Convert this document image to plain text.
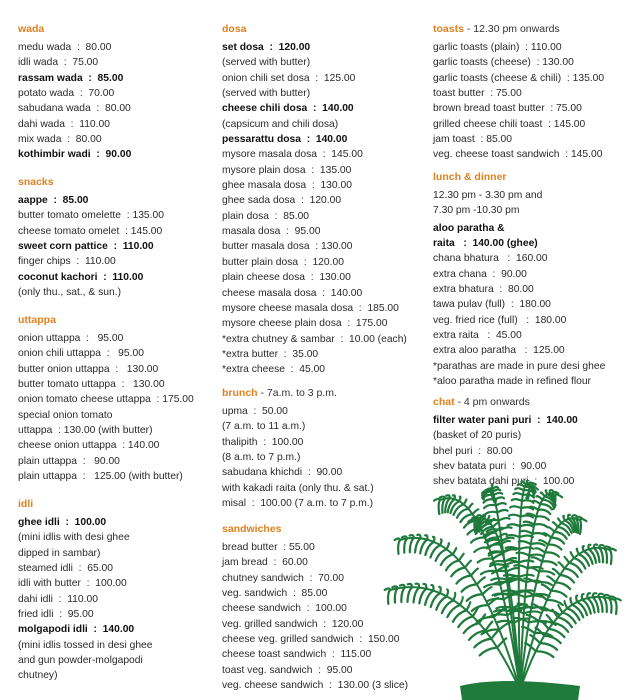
wada
medu wada  :  80.00
idli wada  :  75.00
rassam wada  :  85.00
potato wada  :  70.00
sabudana wada  :  80.00
dahi wada  :  110.00
mix wada  :  80.00
kothimbir wadi  :  90.00
snacks
aappe  :  85.00
butter tomato omelette  : 135.00
cheese tomato omelet  : 145.00
sweet corn pattice  :  110.00
finger chips  :  110.00
coconut kachori  :  110.00
(only thu., sat., & sun.)
uttappa
onion uttappa  :   95.00
onion chili uttappa  :   95.00
butter onion uttappa  :   130.00
butter tomato uttappa  :   130.00
onion tomato cheese uttappa  : 175.00
special onion tomato
uttappa  : 130.00 (with butter)
cheese onion uttappa  : 140.00
plain uttappa  :   90.00
plain uttappa  :   125.00 (with butter)
idli
ghee idli  :  100.00
(mini idlis with desi ghee
dipped in sambar)
steamed idli  :  65.00
idli with butter  :  100.00
dahi idli  :  110.00
fried idli  :  95.00
molgapodi idli  :  140.00
(mini idlis tossed in desi ghee
and gun powder-molgapodi
chutney)
dosa
set dosa  :  120.00
(served with butter)
onion chili set dosa  :  125.00
(served with butter)
cheese chili dosa  :  140.00
(capsicum and chili dosa)
pessarattu dosa  :  140.00
mysore masala dosa  :  145.00
mysore plain dosa  :  135.00
ghee masala dosa  :  130.00
ghee sada dosa  :  120.00
plain dosa  :  85.00
masala dosa  :  95.00
butter masala dosa  : 130.00
butter plain dosa  :  120.00
plain cheese dosa  :  130.00
cheese masala dosa  :  140.00
mysore cheese masala dosa  :  185.00
mysore cheese plain dosa  :  175.00
*extra chutney & sambar  :  10.00 (each)
*extra butter  :  35.00
*extra cheese  :  45.00
brunch - 7a.m. to 3 p.m.
upma  :  50.00
(7 a.m. to 11 a.m.)
thalipith  :  100.00
(8 a.m. to 7 p.m.)
sabudana khichdi  :  90.00
with kakadi raita (only thu. & sat.)
misal  :  100.00 (7 a.m. to 7 p.m.)
sandwiches
bread butter  : 55.00
jam bread  :  60.00
chutney sandwich  :  70.00
veg. sandwich  :  85.00
cheese sandwich  :  100.00
veg. grilled sandwich  :  120.00
cheese veg. grilled sandwich  :  150.00
cheese toast sandwich  :  115.00
toast veg. sandwich  :  95.00
veg. cheese sandwich  :  130.00 (3 slice)
toasts - 12.30 pm onwards
garlic toasts (plain)  : 110.00
garlic toasts (cheese)  : 130.00
garlic toasts (cheese & chili)  : 135.00
toast butter  : 75.00
brown bread toast butter  : 75.00
grilled cheese chili toast  : 145.00
jam toast  : 85.00
veg. cheese toast sandwich  : 145.00
lunch & dinner
12.30 pm - 3.30 pm and
7.30 pm -10.30 pm
aloo paratha &
raita   :  140.00 (ghee)
chana bhatura   :  160.00
extra chana  :  90.00
extra bhatura  :  80.00
tawa pulav (full)  :  180.00
veg. fried rice (full)   :  180.00
extra raita   :  45.00
extra aloo paratha   :  125.00
*parathas are made in pure desi ghee
*aloo paratha made in refined flour
chat - 4 pm onwards
filter water pani puri  :  140.00
(basket of 20 puris)
bhel puri  :  80.00
shev batata puri  :  90.00
shev batata dahi puri  :  100.00
